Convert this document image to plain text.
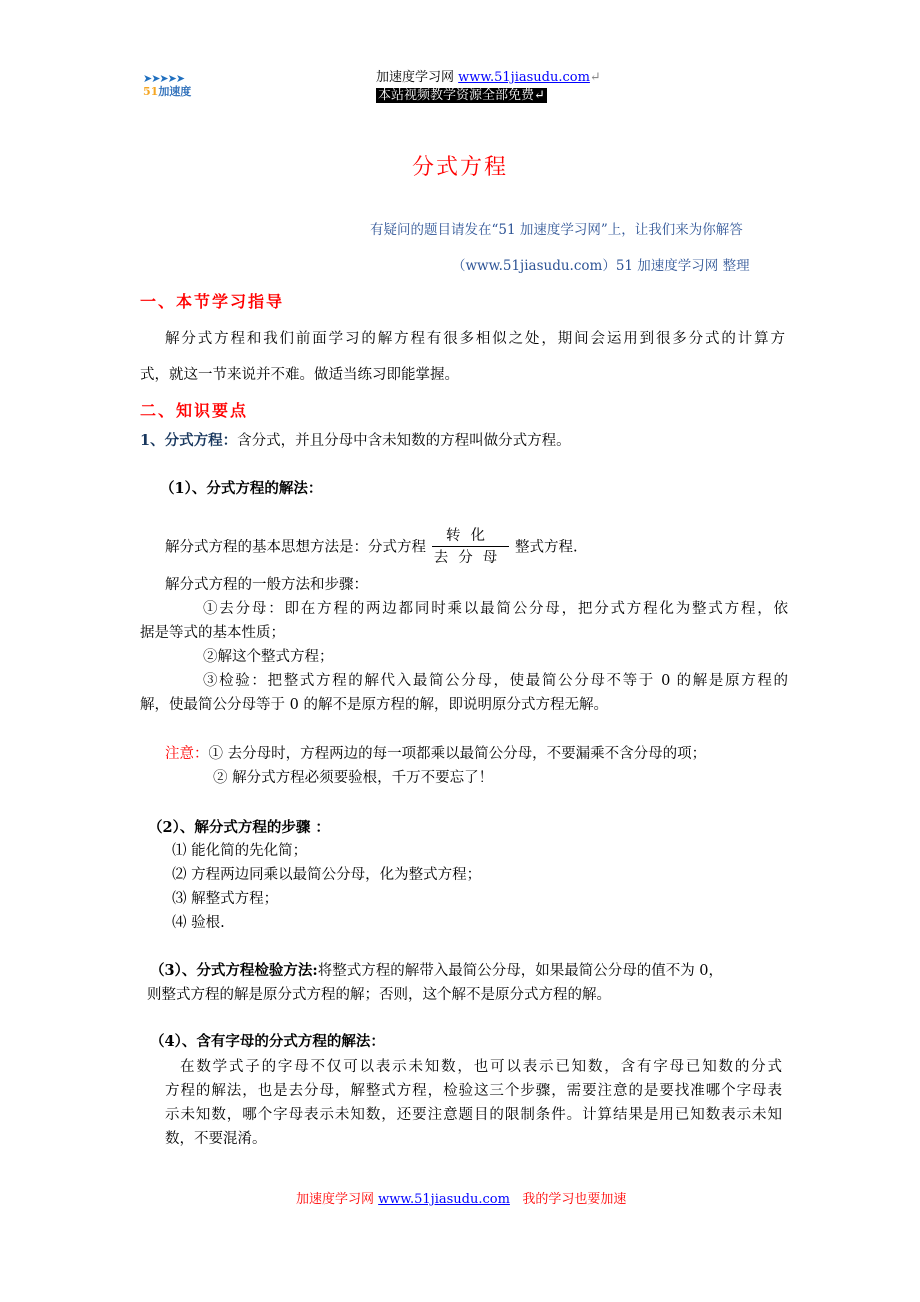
➤➤➤➤➤
51加速度
加速度学习网 www.51jiasudu.com↵
本站视频教学资源全部免费↵
分式方程
有疑问的题目请发在“51 加速度学习网”上，让我们来为你解答
（www.51jiasudu.com）51 加速度学习网 整理
一、本节学习指导
解分式方程和我们前面学习的解方程有很多相似之处，期间会运用到很多分式的计算方
式，就这一节来说并不难。做适当练习即能掌握。
二、知识要点
1、分式方程：含分式，并且分母中含未知数的方程叫做分式方程。
（1）、分式方程的解法：
解分式方程的基本思想方法是：分式方程 $\frac{\text{转化}}{\text{去分母}}$ 整式方程.
解分式方程的一般方法和步骤：
①去分母：即在方程的两边都同时乘以最简公分母，把分式方程化为整式方程，依
据是等式的基本性质；
②解这个整式方程；
③检验：把整式方程的解代入最简公分母，使最简公分母不等于 0 的解是原方程的
解，使最简公分母等于 0 的解不是原方程的解，即说明原分式方程无解。
注意：① 去分母时，方程两边的每一项都乘以最简公分母，不要漏乘不含分母的项；
② 解分式方程必须要验根，千万不要忘了！
（2）、解分式方程的步骤 ：
⑴ 能化简的先化简；
⑵ 方程两边同乘以最简公分母，化为整式方程；
⑶ 解整式方程；
⑷ 验根.
（3）、分式方程检验方法:将整式方程的解带入最简公分母，如果最简公分母的值不为 0，
则整式方程的解是原分式方程的解；否则，这个解不是原分式方程的解。
（4）、含有字母的分式方程的解法：
在数学式子的字母不仅可以表示未知数，也可以表示已知数，含有字母已知数的分式
方程的解法，也是去分母，解整式方程，检验这三个步骤，需要注意的是要找准哪个字母表
示未知数，哪个字母表示未知数，还要注意题目的限制条件。计算结果是用已知数表示未知
数，不要混淆。
加速度学习网 www.51jiasudu.com 我的学习也要加速
